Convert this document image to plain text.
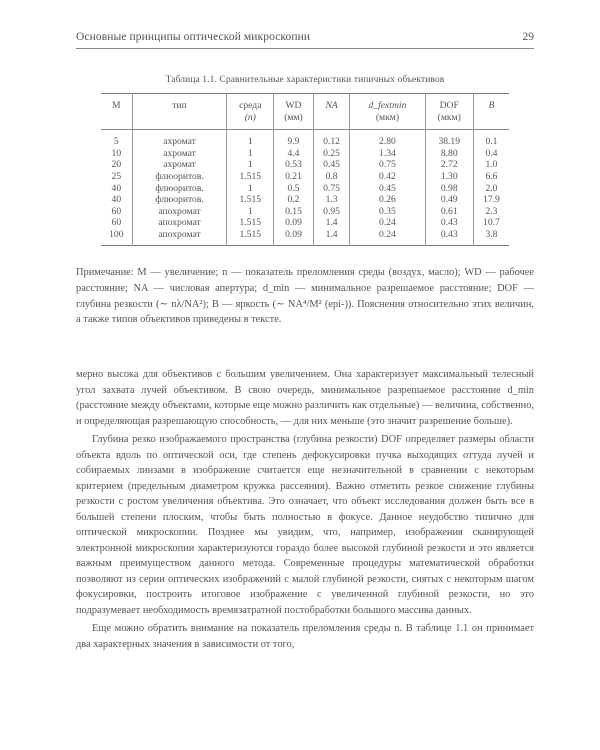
Основные принципы оптической микроскопии	29
Таблица 1.1. Сравнительные характеристики типичных объективов
M	тип	среда	WD	NA	d_fextmin	DOF	B
		(n)	(мм)		(мкм)	(мкм)	
5	ахромат	1	9.9	0.12	2.80	38.19	0.1
10	ахромат	1	4.4	0.25	1.34	8.80	0.4
20	ахромат	1	0.53	0.45	0.75	2.72	1.0
25	флюоритов.	1.515	0.21	0.8	0.42	1.30	6.6
40	флюоритов.	1	0.5	0.75	0.45	0.98	2.0
40	флюоритов.	1.515	0.2	1.3	0.26	0.49	17.9
60	апохромат	1	0.15	0.95	0.35	0.61	2.3
60	апохромат	1.515	0.09	1.4	0.24	0.43	10.7
100	апохромат	1.515	0.09	1.4	0.24	0.43	3.8
Примечание: M — увеличение; n — показатель преломления среды (воздух, масло); WD — рабочее расстояние; NA — числовая апертура; d_min — минимальное разрешаемое расстояние; DOF — глубина резкости (∼ nλ/NA²); B — яркость (∼ NA⁴/M² (epi-)). Пояснения относительно этих величин, а также типов объективов приведены в тексте.

мерно высока для объективов с большим увеличением. Она характеризует максимальный телесный угол захвата лучей объективом. В свою очередь, минимальное разрешаемое расстояние d_min (расстояние между объектами, которые еще можно различить как отдельные) — величина, собственно, и определяющая разрешающую способность, — для них меньше (это значит разрешение больше).

Глубина резко изображаемого пространства (глубина резкости) DOF определяет размеры области объекта вдоль по оптической оси, где степень дефокусировки пучка выходящих оттуда лучей и собираемых линзами в изображение считается еще незначительной в сравнении с некоторым критерием (предельным диаметром кружка рассеяния). Важно отметить резкое снижение глубины резкости с ростом увеличения объектива. Это означает, что объект исследования должен быть все в большей степени плоским, чтобы быть полностью в фокусе. Данное неудобство типично для оптической микроскопии. Позднее мы увидим, что, например, изображения сканирующей электронной микроскопии характеризуются гораздо более высокой глубиной резкости и это является важным преимуществом данного метода. Современные процедуры математической обработки позволяют из серии оптических изображений с малой глубиной резкости, снятых с некоторым шагом фокусировки, построить итоговое изображение с увеличенной глубиной резкости, но это подразумевает необходимость времязатратной постобработки большого массива данных.

Еще можно обратить внимание на показатель преломления среды n. В таблице 1.1 он принимает два характерных значения в зависимости от того,
